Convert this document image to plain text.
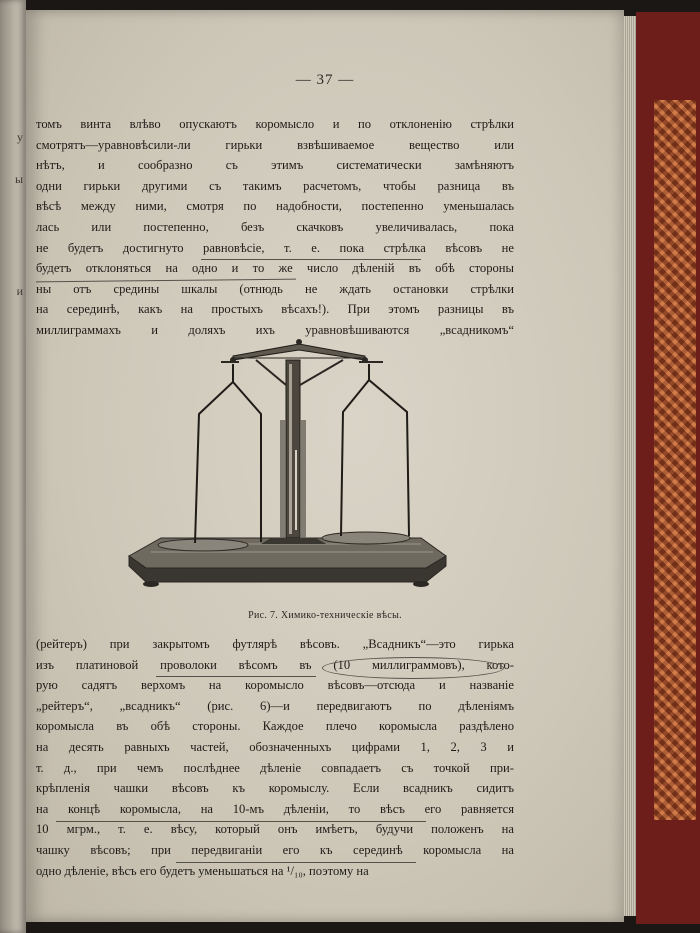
у

ы

и
— 37 —
томъ винта влѣво опускаютъ коромысло и по отклоненію стрѣлки
смотрятъ—уравновѣсили-ли гирьки взвѣшиваемое вещество или
нѣтъ, и сообразно съ этимъ систематически замѣняютъ
одни гирьки другими съ такимъ расчетомъ, чтобы разница въ
вѣсѣ между ними, смотря по надобности, постепенно уменьшалась
лась или постепенно, безъ скачковъ увеличивалась, пока
не будетъ достигнуто равновѣсіе, т. е. пока стрѣлка вѣсовъ не
будетъ отклоняться на одно и то же число дѣленій въ обѣ стороны
ны отъ средины шкалы (отнюдь не ждать остановки стрѣлки
на серединѣ, какъ на простыхъ вѣсахъ!). При этомъ разницы въ
миллиграммахъ и доляхъ ихъ уравновѣшиваются „всадникомъ“
Рис. 7. Химико-техническіе вѣсы.
(рейтеръ) при закрытомъ футлярѣ вѣсовъ. „Всадникъ“—это гирька
изъ платиновой проволоки вѣсомъ въ (10 миллиграммовъ), кото-
рую садятъ верхомъ на коромысло вѣсовъ—отсюда и названіе
„рейтеръ“, „всадникъ“ (рис. 6)—и передвигаютъ по дѣленіямъ
коромысла въ обѣ стороны. Каждое плечо коромысла раздѣлено
на десять равныхъ частей, обозначенныхъ цифрами 1, 2, 3 и
т. д., при чемъ послѣднее дѣленіе совпадаетъ съ точкой при-
крѣпленія чашки вѣсовъ къ коромыслу. Если всадникъ сидитъ
на концѣ коромысла, на 10-мъ дѣленіи, то вѣсъ его равняется
10 мгрм., т. е. вѣсу, который онъ имѣетъ, будучи положенъ на
чашку вѣсовъ; при передвиганіи его къ серединѣ коромысла на
одно дѣленіе, вѣсъ его будетъ уменьшаться на ¹/₁₀, поэтому на
